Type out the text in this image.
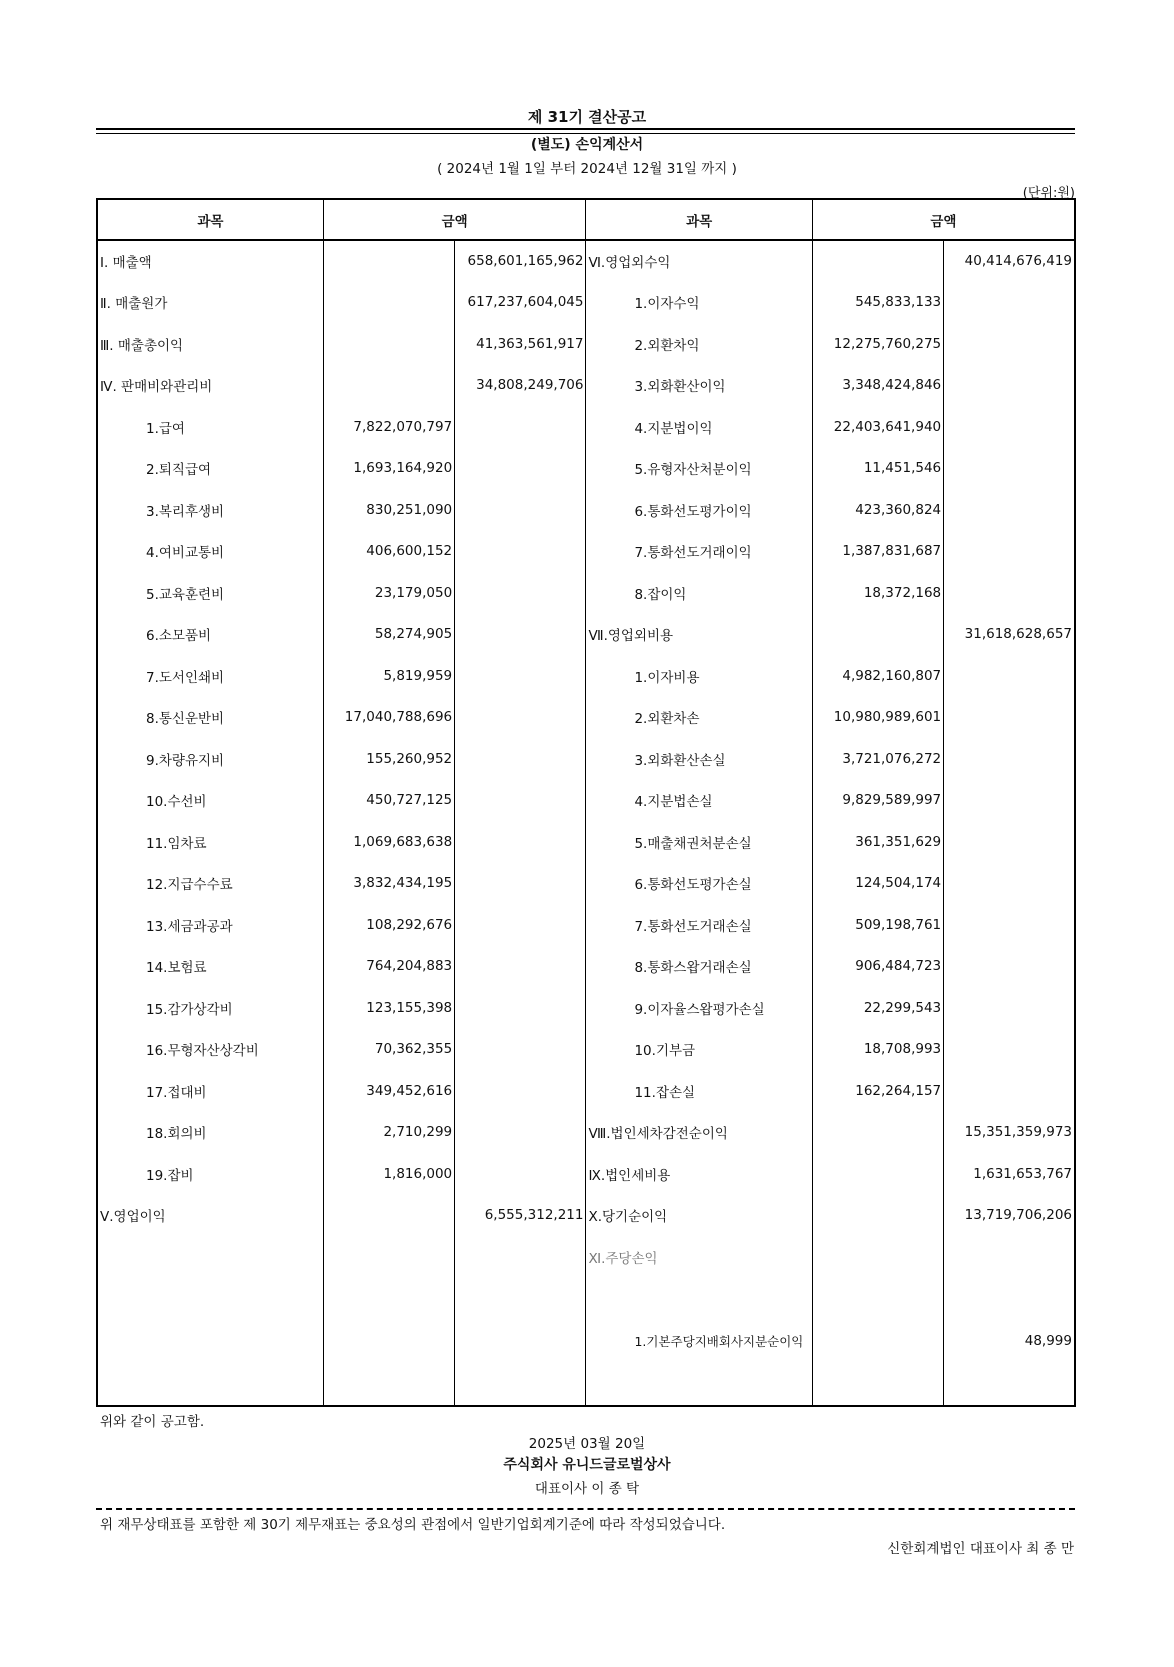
제 31기 결산공고
(별도) 손익계산서
( 2024년 1월 1일 부터 2024년 12월 31일 까지 )
(단위:원)
과목	금액		과목	금액	
Ⅰ. 매출액		658,601,165,962	Ⅵ.영업외수익		40,414,676,419
Ⅱ. 매출원가		617,237,604,045	1.이자수익	545,833,133	
Ⅲ. 매출총이익		41,363,561,917	2.외환차익	12,275,760,275	
Ⅳ. 판매비와관리비		34,808,249,706	3.외화환산이익	3,348,424,846	
1.급여	7,822,070,797		4.지분법이익	22,403,641,940	
2.퇴직급여	1,693,164,920		5.유형자산처분이익	11,451,546	
3.복리후생비	830,251,090		6.통화선도평가이익	423,360,824	
4.여비교통비	406,600,152		7.통화선도거래이익	1,387,831,687	
5.교육훈련비	23,179,050		8.잡이익	18,372,168	
6.소모품비	58,274,905		Ⅶ.영업외비용		31,618,628,657
7.도서인쇄비	5,819,959		1.이자비용	4,982,160,807	
8.통신운반비	17,040,788,696		2.외환차손	10,980,989,601	
9.차량유지비	155,260,952		3.외화환산손실	3,721,076,272	
10.수선비	450,727,125		4.지분법손실	9,829,589,997	
11.임차료	1,069,683,638		5.매출채권처분손실	361,351,629	
12.지급수수료	3,832,434,195		6.통화선도평가손실	124,504,174	
13.세금과공과	108,292,676		7.통화선도거래손실	509,198,761	
14.보험료	764,204,883		8.통화스왑거래손실	906,484,723	
15.감가상각비	123,155,398		9.이자율스왑평가손실	22,299,543	
16.무형자산상각비	70,362,355		10.기부금	18,708,993	
17.접대비	349,452,616		11.잡손실	162,264,157	
18.회의비	2,710,299		Ⅷ.법인세차감전순이익		15,351,359,973
19.잡비	1,816,000		Ⅸ.법인세비용		1,631,653,767
Ⅴ.영업이익		6,555,312,211	Ⅹ.당기순이익		13,719,706,206
			Ⅺ.주당손익		
			1.기본주당지배회사지분순이익		48,999
위와 같이 공고함.
2025년 03월 20일
주식회사 유니드글로벌상사
대표이사 이 종 탁
위 재무상태표를 포함한 제 30기 제무재표는 중요성의 관점에서 일반기업회계기준에 따라 작성되었습니다.
신한회계법인 대표이사 최 종 만
